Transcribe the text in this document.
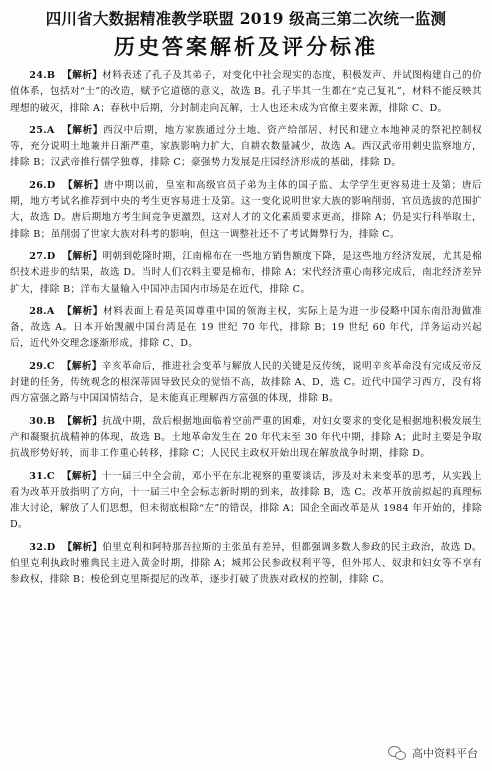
四川省大数据精准教学联盟 2019 级高三第二次统一监测
历史答案解析及评分标准

24.B 【解析】材料表述了孔子及其弟子，对变化中社会现实的态度，积极发声、并试图构建自己的价值体系，包括对“士”的改造，赋予它道德的意义，故选 B。孔子毕其一生都在“克己复礼”，材料不能反映其理想的破灭，排除 A；春秋中后期，分封制走向瓦解，士人也还未成为官僚主要来源，排除 C、D。

25.A 【解析】西汉中后期，地方家族通过分土地、资产给部居、村民和建立本地神灵的祭祀控制权等，充分说明土地兼并日渐严重，家族影响力扩大，自耕农数量减少，故选 A。西汉武帝用刺史监察地方，排除 B；汉武帝推行儒学独尊，排除 C；豪强势力发展是庄园经济形成的基础，排除 D。

26.D 【解析】唐中期以前，皇室和高级官员子弟为主体的国子监、太学学生更容易进士及第；唐后期，地方考试名推荐到中央的考生更容易进士及第。这一变化说明世家大族的影响削弱，官员选拔的范围扩大，故选 D。唐后期地方考生间竞争更激烈，这对人才的文化素质要求更高，排除 A；仍是实行科举取士，排除 B；虽削弱了世家大族对科考的影响，但这一调整社还不了考试舞弊行为，排除 C。

27.D 【解析】明朝到乾隆时期，江南棉布在一些地方销售额度下降，是这些地方经济发展，尤其是棉织技术进步的结果，故选 D。当时人们衣料主要是棉布，排除 A；宋代经济重心南移完成后，南北经济差异扩大，排除 B；洋布大量输入中国冲击国内市场是在近代，排除 C。

28.A 【解析】材料表面上看是英国尊重中国的领海主权，实际上是为进一步侵略中国东南沿海做准备，故选 A。日本开始觊觎中国台湾是在 19 世纪 70 年代，排除 B；19 世纪 60 年代，洋务运动兴起后，近代外交理念逐渐形成，排除 C、D。

29.C 【解析】辛亥革命后，推进社会变革与解放人民的关键是反传统，说明辛亥革命没有完成反帝反封建的任务，传统观念的根深蒂固导致民众的觉悟不高，故排除 A、D，选 C。近代中国学习西方，没有将西方富强之路与中国国情结合，是未能真正理解西方富强的体现，排除 B。

30.B 【解析】抗战中期，敌后根据地面临着空前严重的困难，对妇女要求的变化是根据地积极发展生产和凝聚抗战精神的体现，故选 B。土地革命发生在 20 年代末至 30 年代中期，排除 A；此时主要是争取抗战形势好转，而非工作重心转移，排除 C；人民民主政权开始出现在解放战争时期，排除 D。

31.C 【解析】十一届三中全会前，邓小平在东北视察的重要谈话，涉及对未来变革的思考，从实践上看为改革开放指明了方向，十一届三中全会标志新时期的到来，故排除 B，选 C。改革开放前拟起的真理标准大讨论，解放了人们思想，但未彻底根除“左”的错误，排除 A；国企全面改革是从 1984 年开始的，排除 D。

32.D 【解析】伯里克利和阿特那吾拉斯的主张虽有差异，但都强调多数人参政的民主政治，故选 D。伯里克利执政时雅典民主进入黄金时期，排除 A；城邦公民参政权利平等，但外邦人、奴隶和妇女等不享有参政权，排除 B；梭伦到克里斯提尼的改革，逐步打破了贵族对政权的控制，排除 C。

高中资料平台
